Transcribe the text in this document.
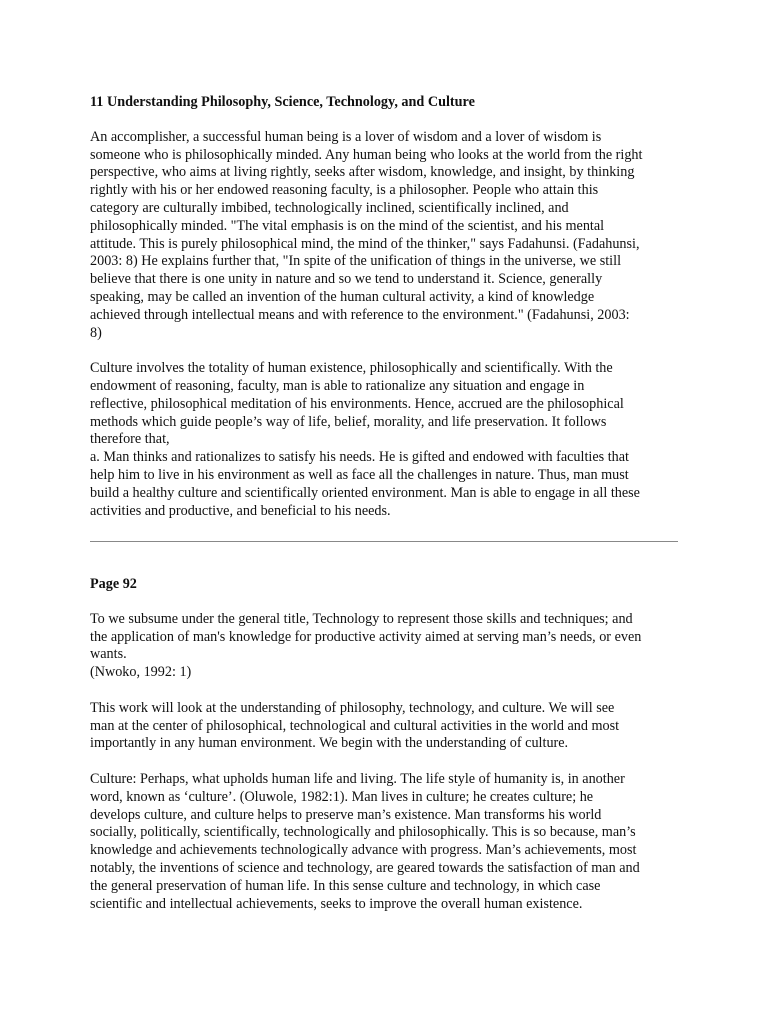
11 Understanding Philosophy, Science, Technology, and Culture
An accomplisher, a successful human being is a lover of wisdom and a lover of wisdom is
someone who is philosophically minded. Any human being who looks at the world from the right
perspective, who aims at living rightly, seeks after wisdom, knowledge, and insight, by thinking
rightly with his or her endowed reasoning faculty, is a philosopher. People who attain this
category are culturally imbibed, technologically inclined, scientifically inclined, and
philosophically minded. "The vital emphasis is on the mind of the scientist, and his mental
attitude. This is purely philosophical mind, the mind of the thinker," says Fadahunsi. (Fadahunsi,
2003: 8) He explains further that, "In spite of the unification of things in the universe, we still
believe that there is one unity in nature and so we tend to understand it. Science, generally
speaking, may be called an invention of the human cultural activity, a kind of knowledge
achieved through intellectual means and with reference to the environment." (Fadahunsi, 2003:
8)
Culture involves the totality of human existence, philosophically and scientifically. With the
endowment of reasoning, faculty, man is able to rationalize any situation and engage in
reflective, philosophical meditation of his environments. Hence, accrued are the philosophical
methods which guide people’s way of life, belief, morality, and life preservation. It follows
therefore that,
a. Man thinks and rationalizes to satisfy his needs. He is gifted and endowed with faculties that
help him to live in his environment as well as face all the challenges in nature. Thus, man must
build a healthy culture and scientifically oriented environment. Man is able to engage in all these
activities and productive, and beneficial to his needs.
Page 92
To we subsume under the general title, Technology to represent those skills and techniques; and
the application of man's knowledge for productive activity aimed at serving man’s needs, or even
wants.
(Nwoko, 1992: 1)
This work will look at the understanding of philosophy, technology, and culture. We will see
man at the center of philosophical, technological and cultural activities in the world and most
importantly in any human environment. We begin with the understanding of culture.
Culture: Perhaps, what upholds human life and living. The life style of humanity is, in another
word, known as ‘culture’. (Oluwole, 1982:1). Man lives in culture; he creates culture; he
develops culture, and culture helps to preserve man’s existence. Man transforms his world
socially, politically, scientifically, technologically and philosophically. This is so because, man’s
knowledge and achievements technologically advance with progress. Man’s achievements, most
notably, the inventions of science and technology, are geared towards the satisfaction of man and
the general preservation of human life. In this sense culture and technology, in which case
scientific and intellectual achievements, seeks to improve the overall human existence.
